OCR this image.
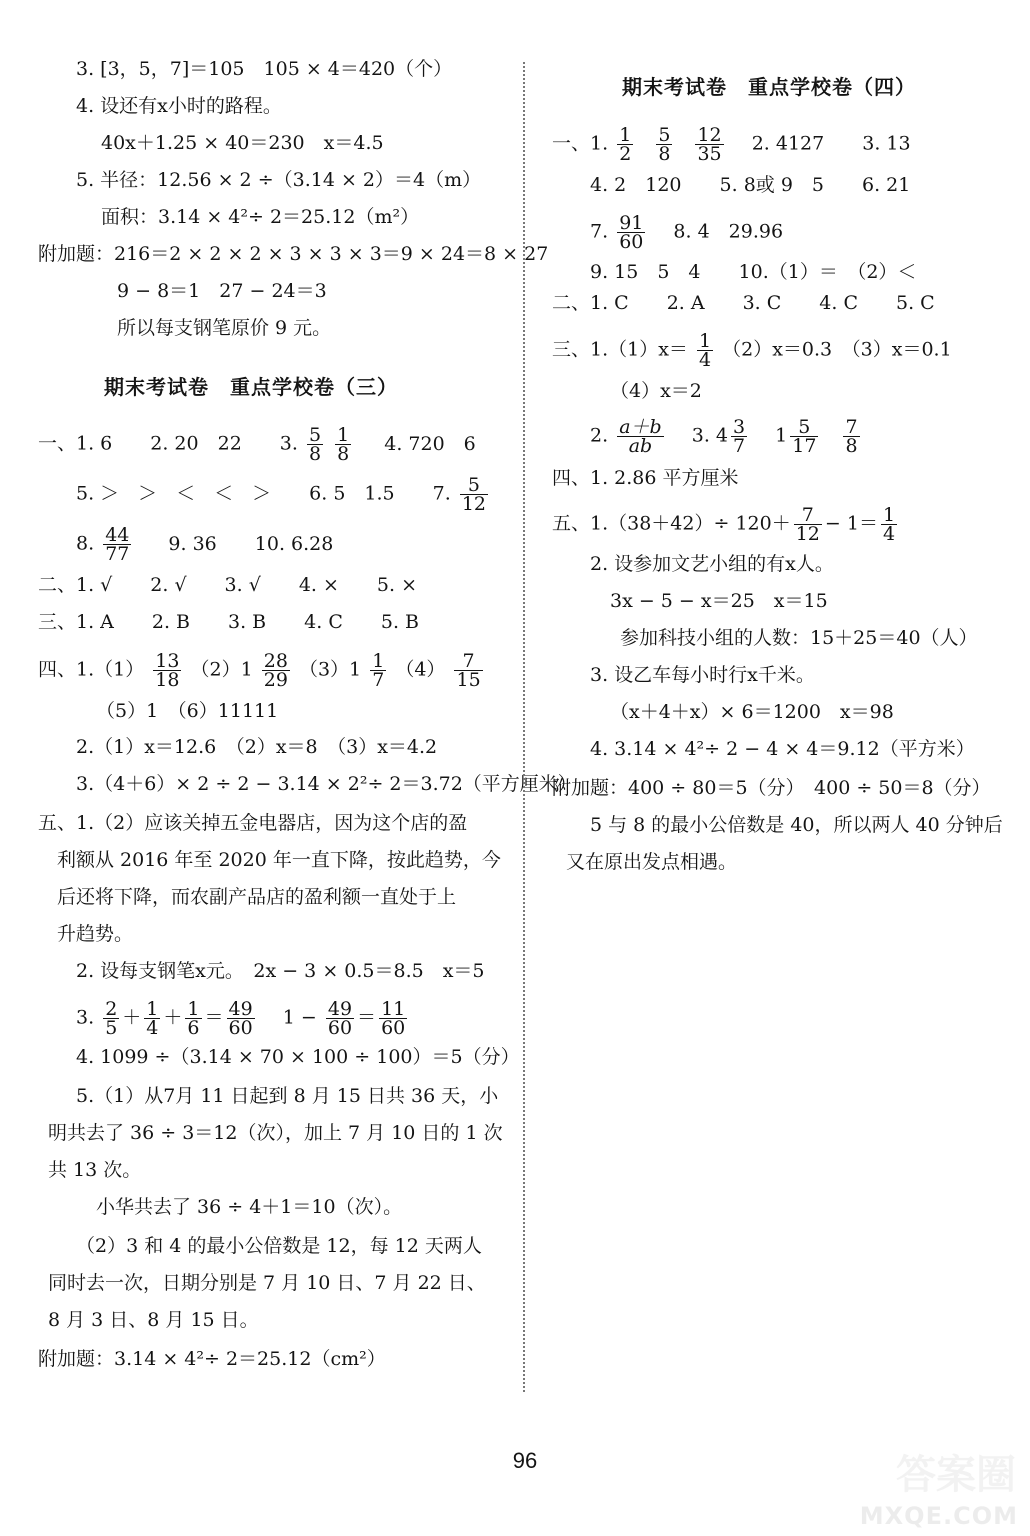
3. [3，5，7]＝105　105 × 4＝420（个）
4. 设还有x小时的路程。
40x＋1.25 × 40＝230　x＝4.5
5. 半径：12.56 × 2 ÷（3.14 × 2）＝4（m）
面积：3.14 × 4²÷ 2＝25.12（m²）
附加题：216＝2 × 2 × 2 × 3 × 3 × 3＝9 × 24＝8 × 27
9 − 8＝1　27 − 24＝3
所以每支钢笔原价 9 元。
期末考试卷　重点学校卷（三）
一、1. 6　　2. 20　22　　3. $\frac{5}{8}$
$\frac{1}{8} 4$. 720　6
5. ＞　＞　＜　＜　＞　　6. 5　1.5　　7. $\frac{5}{12}$
8. $\frac{44}{77} 9$. 36　　10. 6.28
二、1. √　　2. √　　3. √　　4. ×　　5. ×
三、1. A　　2. B　　3. B　　4. C　　5. B
四、$1.(1) \frac{13}{18} (2)1 \frac{28}{29} (3)1 \frac{1}{7} (4) \frac{7}{15}$
（5）1　（6）11111
2.（1）x＝12.6　（2）x＝8　（3）x＝4.2
3.（4＋6）× 2 ÷ 2 − 3.14 × 2²÷ 2＝3.72（平方厘米）
五、1.（2）应该关掉五金电器店，因为这个店的盈
利额从 2016 年至 2020 年一直下降，按此趋势，今
后还将下降，而农副产品店的盈利额一直处于上
升趋势。
2. 设每支钢笔x元。　2x − 3 × 0.5＝8.5　x＝5
3. $\frac{2}{5} + \frac{1}{4} + \frac{1}{6} = \frac{49}{60}$ 　$1 - \frac{49}{60} = \frac{11}{60}$
4. 1099 ÷（3.14 × 70 × 100 ÷ 100）＝5（分）
5.（1）从7月 11 日起到 8 月 15 日共 36 天，小
明共去了 36 ÷ 3＝12（次），加上 7 月 10 日的 1 次
共 13 次。
小华共去了 36 ÷ 4＋1＝10（次）。
（2）3 和 4 的最小公倍数是 12，每 12 天两人
同时去一次，日期分别是 7 月 10 日、7 月 22 日、
8 月 3 日、8 月 15 日。
附加题：3.14 × 4²÷ 2＝25.12（cm²）
期末考试卷　重点学校卷（四）
一、1. $\frac{1}{2}$
$\frac{5}{8}$
$\frac{12}{35}$ 　2. 4127　　3. 13
4. 2　120　　5. 8或 9　5　　6. 21
7. $\frac{91}{60}$ 　8. 4　29.96
9. 15　5　4　　10.（1）＝　（2）＜
二、1. C　　2. A　　3. C　　4. C　　5. C
三、$1.(1)x= \frac{1}{4} (2)x=0.3$　（3）x＝0.1
（4）x＝2
2. $\frac{a+b}{ab}$ 　3. $4 \frac{3}{7}$ 　$1 \frac{5}{17}$
$\frac{7}{8}$
四、1. 2.86 平方厘米
五、$1.(38+42)\div 120+ \frac{7}{12} - 1= \frac{1}{4}$
2. 设参加文艺小组的有x人。
3x − 5 − x＝25　x＝15
参加科技小组的人数：15＋25＝40（人）
3. 设乙车每小时行x千米。
（x＋4＋x）× 6＝1200　x＝98
4. 3.14 × 4²÷ 2 − 4 × 4＝9.12（平方米）
附加题：400 ÷ 80＝5（分）　400 ÷ 50＝8（分）
5 与 8 的最小公倍数是 40，所以两人 40 分钟后
又在原出发点相遇。
96	答案圈
MXQE.COM
